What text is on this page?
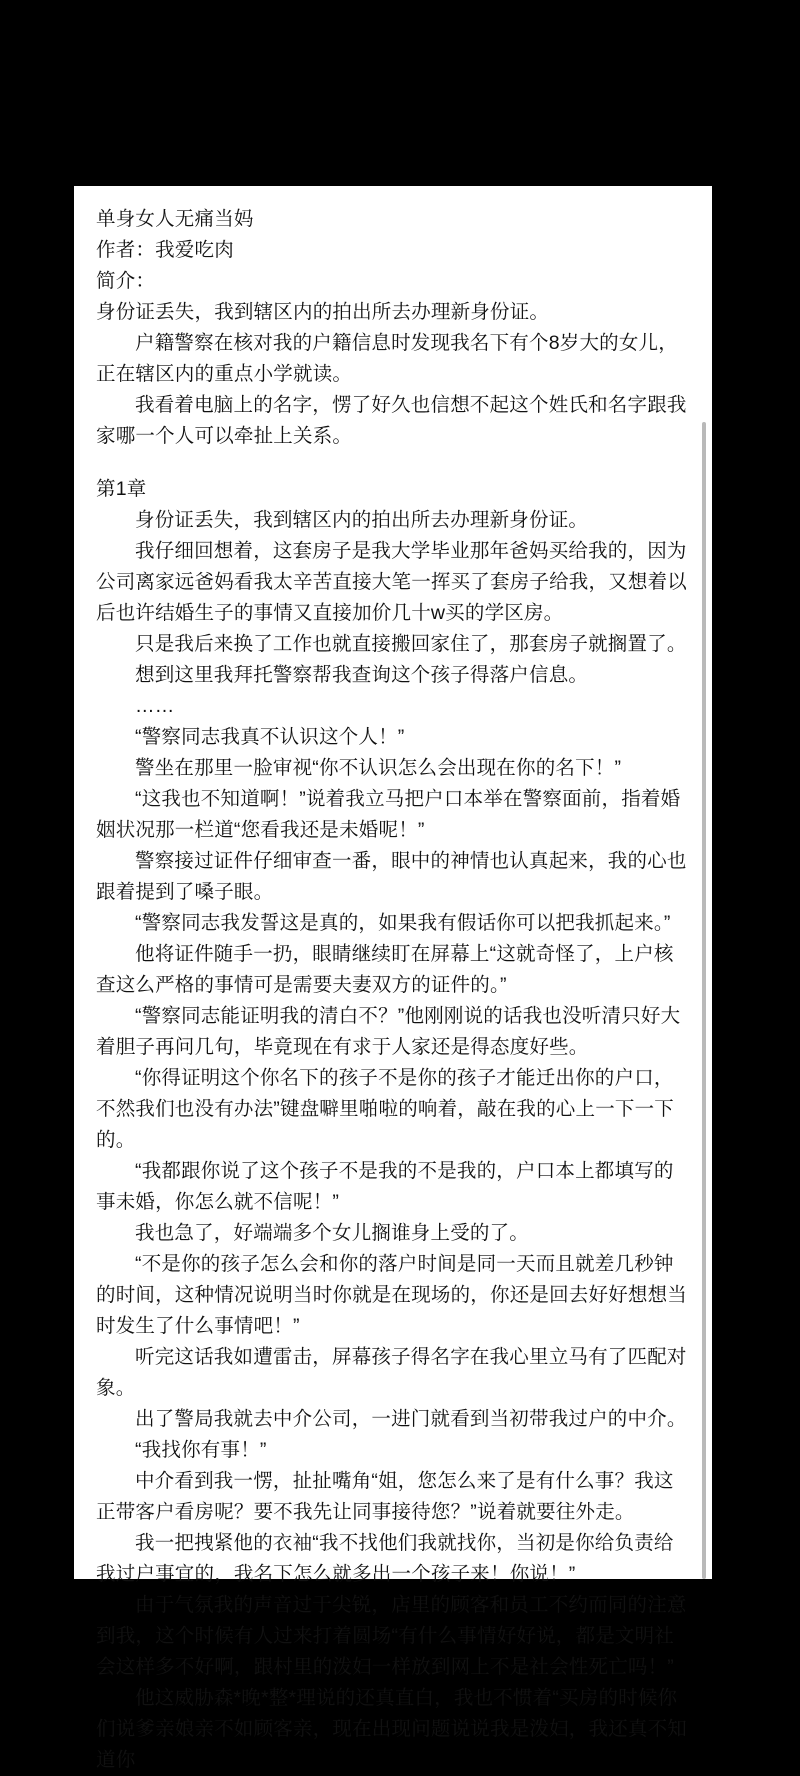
单身女人无痛当妈
作者：我爱吃肉
简介：
身份证丢失，我到辖区内的拍出所去办理新身份证。
户籍警察在核对我的户籍信息时发现我名下有个8岁大的女儿，正在辖区内的重点小学就读。
我看着电脑上的名字，愣了好久也信想不起这个姓氏和名字跟我家哪一个人可以牵扯上关系。
第1章
身份证丢失，我到辖区内的拍出所去办理新身份证。
我仔细回想着，这套房子是我大学毕业那年爸妈买给我的，因为公司离家远爸妈看我太辛苦直接大笔一挥买了套房子给我，又想着以后也许结婚生子的事情又直接加价几十w买的学区房。
只是我后来换了工作也就直接搬回家住了，那套房子就搁置了。
想到这里我拜托警察帮我查询这个孩子得落户信息。
……
“警察同志我真不认识这个人！”
警坐在那里一脸审视“你不认识怎么会出现在你的名下！”
“这我也不知道啊！”说着我立马把户口本举在警察面前，指着婚姻状况那一栏道“您看我还是未婚呢！”
警察接过证件仔细审查一番，眼中的神情也认真起来，我的心也跟着提到了嗓子眼。
“警察同志我发誓这是真的，如果我有假话你可以把我抓起来。”
他将证件随手一扔，眼睛继续盯在屏幕上“这就奇怪了，上户核查这么严格的事情可是需要夫妻双方的证件的。”
“警察同志能证明我的清白不？”他刚刚说的话我也没听清只好大着胆子再问几句，毕竟现在有求于人家还是得态度好些。
“你得证明这个你名下的孩子不是你的孩子才能迁出你的户口，不然我们也没有办法”键盘噼里啪啦的响着，敲在我的心上一下一下的。
“我都跟你说了这个孩子不是我的不是我的，户口本上都填写的事未婚，你怎么就不信呢！”
我也急了，好端端多个女儿搁谁身上受的了。
“不是你的孩子怎么会和你的落户时间是同一天而且就差几秒钟的时间，这种情况说明当时你就是在现场的，你还是回去好好想想当时发生了什么事情吧！”
听完这话我如遭雷击，屏幕孩子得名字在我心里立马有了匹配对象。
出了警局我就去中介公司，一进门就看到当初带我过户的中介。
“我找你有事！”
中介看到我一愣，扯扯嘴角“姐，您怎么来了是有什么事？我这正带客户看房呢？要不我先让同事接待您？”说着就要往外走。
我一把拽紧他的衣袖“我不找他们我就找你，当初是你给负责给我过户事宜的，我名下怎么就多出一个孩子来！你说！”
由于气氛我的声音过于尖锐，店里的顾客和员工不约而同的注意到我，这个时候有人过来打着圆场“有什么事情好好说，都是文明社会这样多不好啊，跟村里的泼妇一样放到网上不是社会性死亡吗！”
他这威胁森*晚*整*理说的还真直白，我也不惯着“买房的时候你们说爹亲娘亲不如顾客亲，现在出现问题说说我是泼妇，我还真不知道你
